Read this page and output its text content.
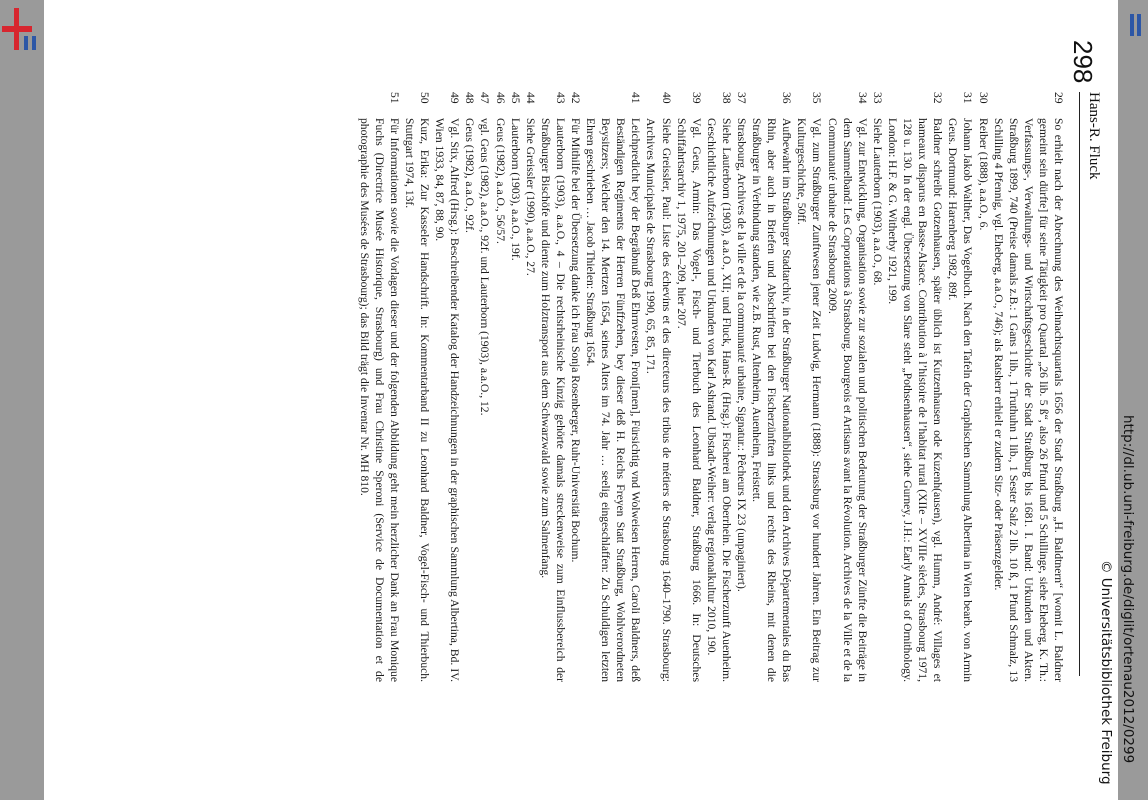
298
Hans-R. Fluck
29
So erhielt nach der Abrechnung des Weihnachtsquartals 1656 der Stadt Straßburg „H. Baldtnern“ [womit L. Baldner gemeint sein dürfte] für seine Tätigkeit pro Quartal „26 lib. 5 ß“, also 26 Pfund und 5 Schillinge, siehe Eheberg, K. Th.: Verfassungs-, Verwaltungs- und Wirtschaftsgeschichte der Stadt Straßburg bis 1681. I. Band: Urkunden und Akten. Straßburg 1899, 740 (Preise damals z.B.: 1 Gans 1 lib., 1 Truthuhn 1 lib., 1 Sester Salz 2 lib. 10 ß, 1 Pfund Schmalz, 13 Schilling 4 Pfennig, vgl. Eheberg, a.a.O., 746); als Ratsherr erhielt er zudem Sitz- oder Präsenzgelder.
30
Reiber (1888), a.a.O., 6.
31
Johann Jakob Walther, Das Vogelbuch. Nach den Tafeln der Graphischen Sammlung Albertina in Wien bearb. von Armin Geus. Dortmund: Harenberg 1982, 89f.
32
Baldner schreibt Gotzenhausen, später üblich ist Kutzenhausen ode Kuzenh(ausen), vgl. Humm, André: Villages et hameaux disparus en Basse-Alsace. Contribution à l’histoire de l’habitat rural (XIIe – XVIIIe siècles, Strasbourg 1971, 128 u. 130. In der engl. Übersetzung von Slare steht „Pothsenhausen“, siehe Gurney, J.H.: Early Annals of Ornithology. London: H.F. & G. Witherby 1921, 199.
33
Siehe Lauterborn (1903), a.a.O., 68.
34
Vgl. zur Entwicklung, Organisation sowie zur sozialen und politischen Bedeutung der Straßburger Zünfte die Beiträge in dem Sammelband: Les Corporations à Strasbourg. Bourgeois et Artisans avant la Révolution. Archives de la Ville et de la Communauté urbaine de Strasbourg 2009.
35
Vgl. zum Straßburger Zunftwesen jener Zeit Ludwig, Hermann (1888): Strassburg vor hundert Jahren. Ein Beitrag zur Kulturgeschichte, 50ff.
36
Aufbewahrt im Straßburger Stadtarchiv, in der Straßburger Nationalbibliothek und den Archives Départementales du Bas Rhin, aber auch in Briefen und Abschriften bei den Fischerzünften links und rechts des Rheins, mit denen die Straßburger in Verbindung standen, wie z.B. Rust, Altenheim, Auenheim, Freistett.
37
Strasbourg, Archives de la ville et de la communauté urbaine, Signatur.: Pêcheurs IX 23 (unpaginiert).
38
Siehe Lauterborn (1903), a.a.O., XII; und Fluck, Hans-R. (Hrsg.): Fischerei am Oberrhein. Die Fischerzunft Auenheim. Geschichtliche Aufzeichnungen und Urkunden von Karl Ashrand. Ubstadt-Weiher: verlag regionalkultur 2010, 190.
39
Vgl. Geus, Armin: Das Vogel-, Fisch- und Tierbuch des Leonhard Baldner, Straßburg 1666. In: Deutsches Schiffahrtsarchiv 1, 1975, 201–209, hier 207.
40
Siehe Greissler, Paul: Liste des échevins et des directeurs des tribus de métiers de Strasbourg 1640–1790. Strasbourg: Archives Municipales de Strasbourg 1990, 65, 85, 171.
41
Leichpredicht bey der Begräbnuß Deß Ehrnvesten, Froni[men], Fürsichtig vnd Wolweisen Herren, Caroli Baldners, deß Beständigen Regiments der Herren Fünffzehen, bey dieser deß H. Reichs Freyen Statt Straßburg, Wohlverordneten Beysitzers; Welcher den 14. Mertzen 1654, seines Alters im 74. Jahr … seelig eingeschlaffen: Zu Schuldigen letzten Ehren geschrieben … Jacob Thielen: Straßburg 1654.
42
Für Mithilfe bei der Übersetzung danke ich Frau Sonja Rosenberger, Ruhr-Universität Bochum.
43
Lauterborn (1903), a.a.O., 4 – Die rechtsrheinische Kinzig gehörte damals streckenweise zum Einflussbereich der Straßburger Bischöfe und diente zum Holztransport aus dem Schwarzwald sowie zum Salmenfang.
44
Siehe Greissler (1990), a.a.O., 27.
45
Lauterborn (1903), a.a.O., 19f.
46
Geus (1982), a.a.O., 56/57.
47
vgl. Geus (1982), a.a.O., 92f. und Lauterborn (1903), a.a.O., 12.
48
Geus (1982), a.a.O., 92f.
49
Vgl. Stix, Alfred (Hrsg.): Beschreibender Katalog der Handzeichnungen in der graphischen Sammlung Albertina, Bd. IV. Wien 1933, 84, 87, 88, 90.
50
Kurz, Erika: Zur Kasseler Handschrift. In: Kommentarband II zu Leonhard Baldner, Vogel-Fisch- und Thierbuch. Stuttgart 1974, 13f.
51
Für Informationen sowie die Vorlagen dieser und der folgenden Abbildung geht mein herzlicher Dank an Frau Monique Fuchs (Directrice Musée Historique, Strasbourg) und Frau Christine Speroni (Service de Documentation et de photographie des Musées de Strasbourg); das Bild trägt die Inventar Nr. MH 810.
http://dl.ub.uni-freiburg.de/diglit/ortenau2012/0299
© Universitätsbibliothek Freiburg
